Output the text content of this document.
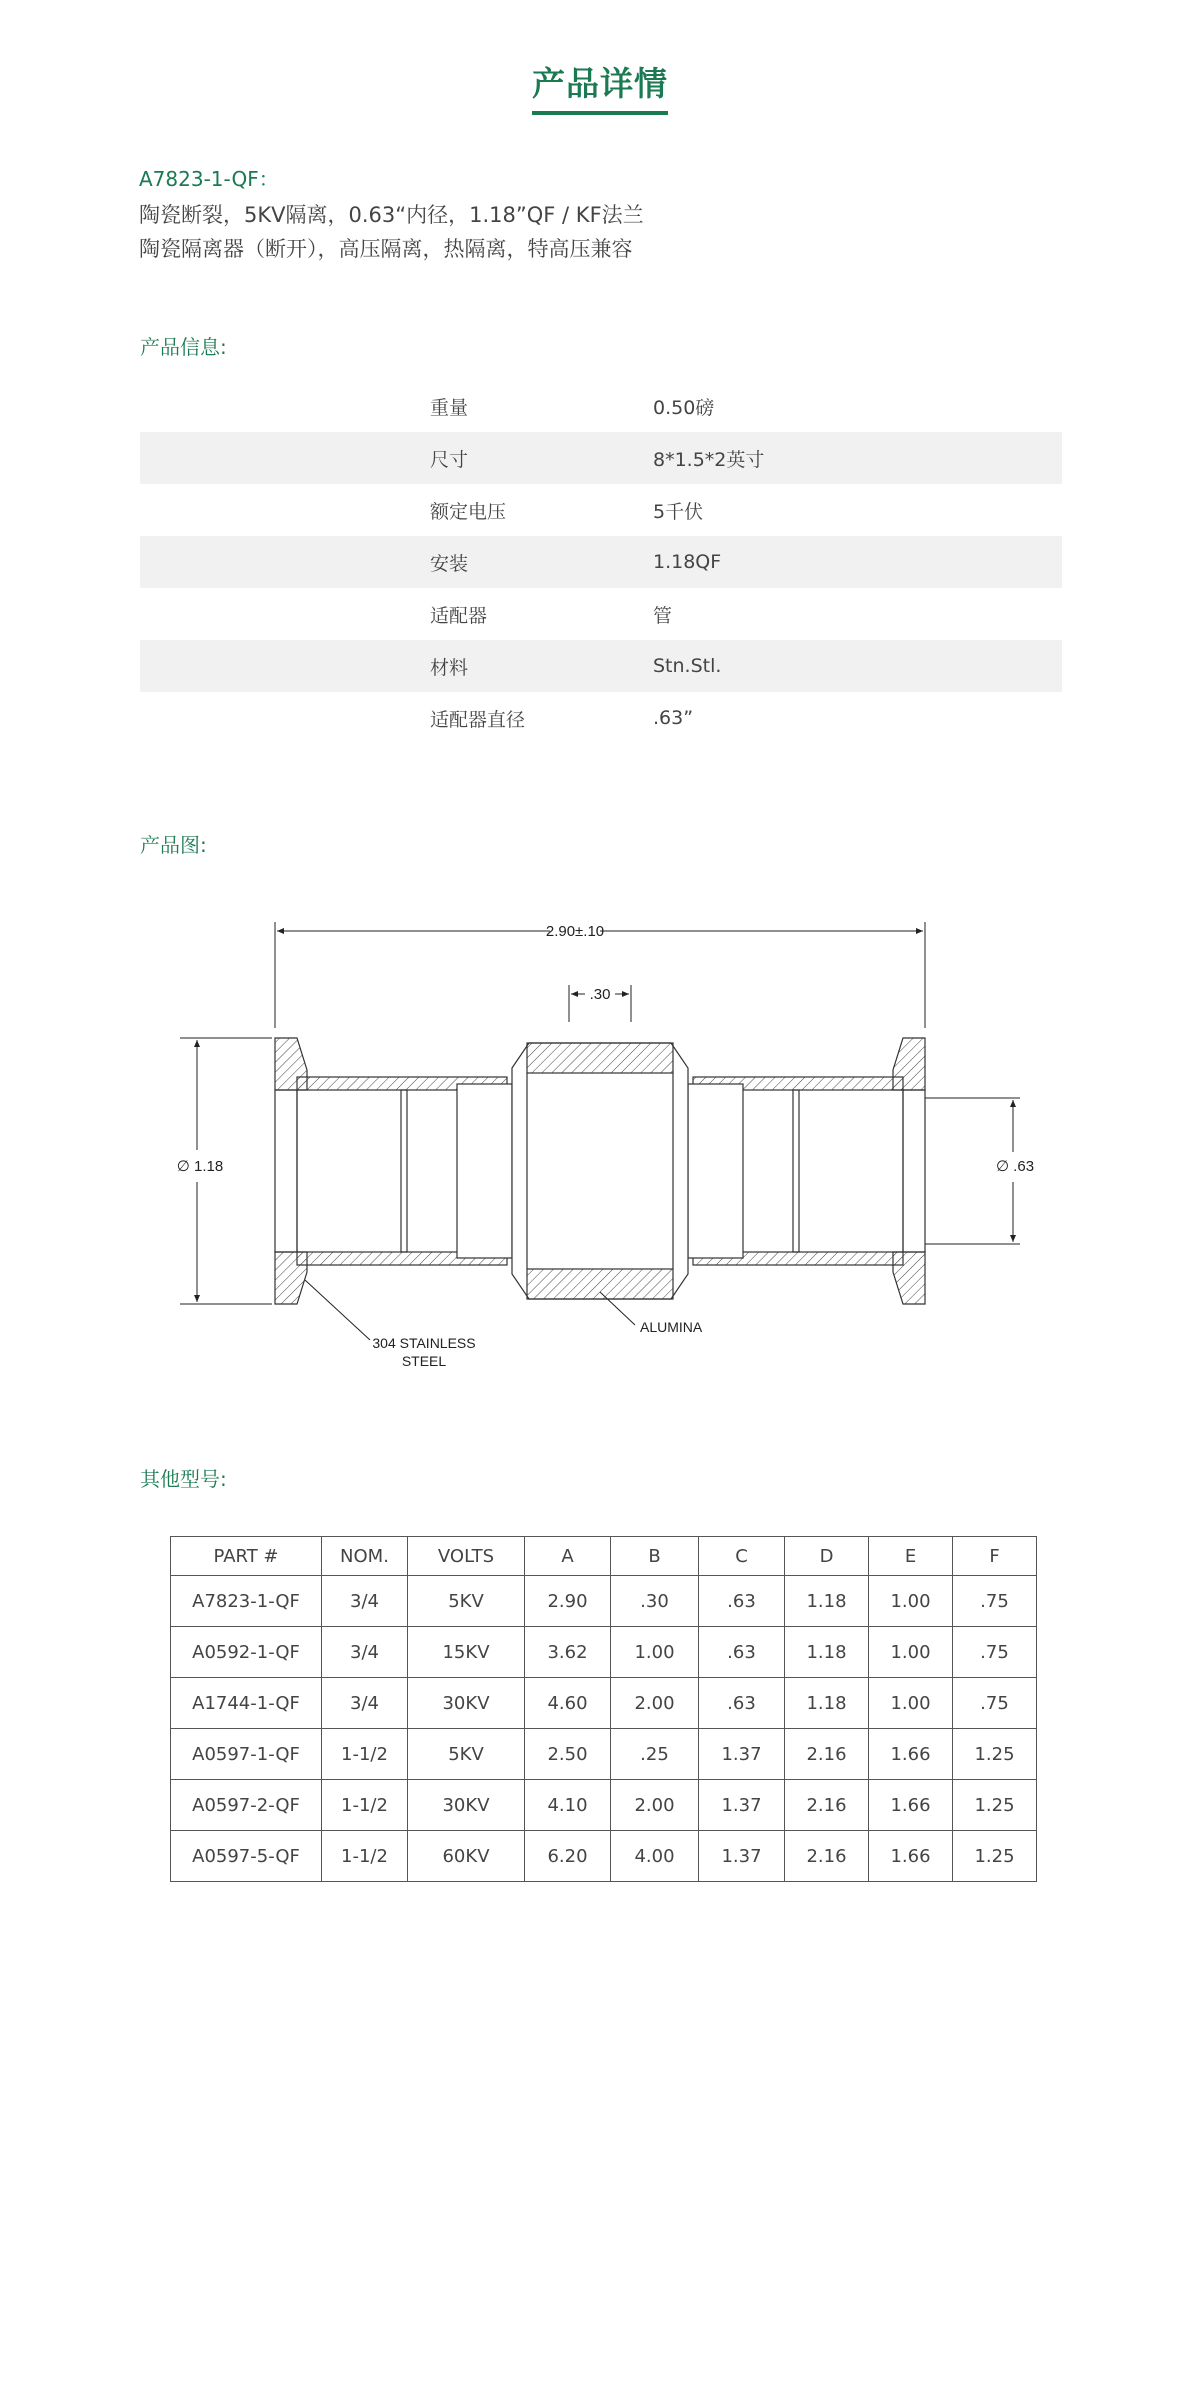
产品详情
A7823-1-QF：
陶瓷断裂，5KV隔离，0.63“内径，1.18”QF / KF法兰
陶瓷隔离器（断开），高压隔离，热隔离，特高压兼容
产品信息:
重量	0.50磅
尺寸	8*1.5*2英寸
额定电压	5千伏
安装	1.18QF
适配器	管
材料	Stn.Stl.
适配器直径	.63”
产品图:
2.90±.10
.30
∅ 1.18	∅ .63
304 STAINLESS
STEEL
ALUMINA
其他型号:
PART #	NOM.	VOLTS	A	B	C	D	E	F
A7823-1-QF	3/4	5KV	2.90	.30	.63	1.18	1.00	.75
A0592-1-QF	3/4	15KV	3.62	1.00	.63	1.18	1.00	.75
A1744-1-QF	3/4	30KV	4.60	2.00	.63	1.18	1.00	.75
A0597-1-QF	1-1/2	5KV	2.50	.25	1.37	2.16	1.66	1.25
A0597-2-QF	1-1/2	30KV	4.10	2.00	1.37	2.16	1.66	1.25
A0597-5-QF	1-1/2	60KV	6.20	4.00	1.37	2.16	1.66	1.25
